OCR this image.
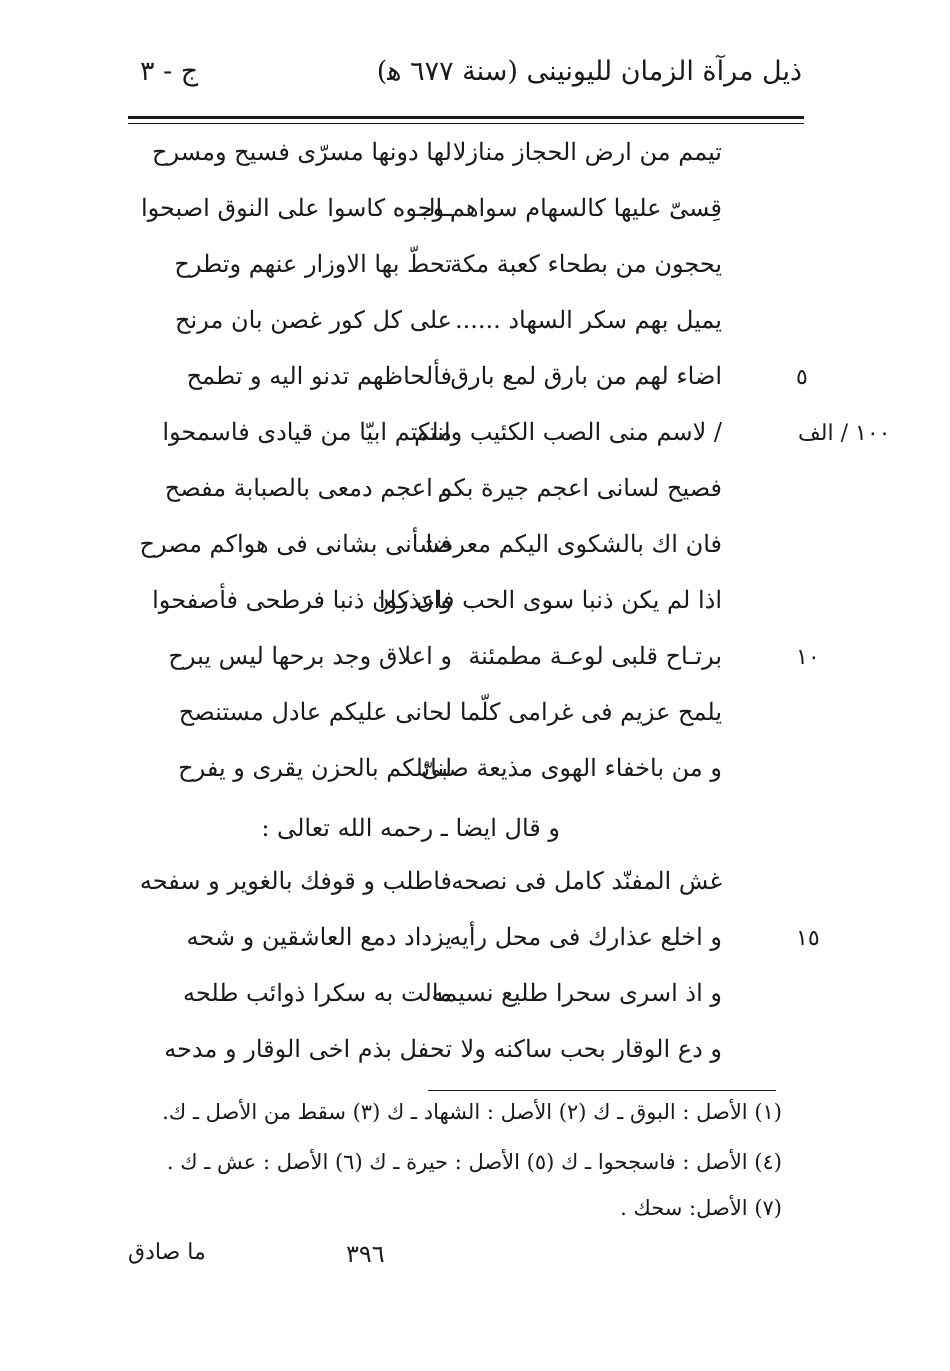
ذيل مرآة الزمان لليونينى (سنة ٦٧٧ ﻫ)
ج - ٣
تيمم من ارض الحجاز منازلا
لها دونها مسرّى فسيح ومسرح
قِسىّ عليها كالسهام سواهم الـ
ـوجوه كاسوا على النوق اصبحوا
يحجون من بطحاء كعبة مكة
تحطّ بها الاوزار عنهم وتطرح
يميل بهم سكر السهاد ......
على كل كور غصن بان مرنح
اضاء لهم من بارق لمع بارق
فألحاظهم تدنو اليه و تطمح
/ لاسم منى الصب الكئيب وانتم
ملكتم ابيّا من قيادى فاسمحوا
فصيح لسانى اعجم جيرة بكم
و اعجم دمعى بالصبابة مفصح
فان اك بالشكوى اليكم معرضا
فشأنى بشانى فى هواكم مصرح
اذا لم يكن ذنبا سوى الحب فاعذروا
وان كان ذنبا فرطحى فأصفحوا
برتـاح قلبى لوعـة مطمئنة
و اعلاق وجد برحها ليس يبرح
يلمح عزيم فى غرامى كلّما
لحانى عليكم عادل مستنصح
و من باخفاء الهوى مذيعة صبىّ
لنائلكم بالحزن يقرى و يفرح
و قال ايضا ـ رحمه الله تعالى :
غش المفنّد كامل فى نصحه
فاطلب و قوفك بالغوير و سفحه
و اخلع عذارك فى محل رأيه
يزداد دمع العاشقين و شحه
و اذ اسرى سحرا طليع نسيمه
مالت به سكرا ذوائب طلحه
و دع الوقار بحب ساكنه ولا
تحفل بذم اخى الوقار و مدحه
٥
١٠٠ / الف
١٠
١٥
(١) الأصل : البوق ـ ك (٢) الأصل : الشهاد ـ ك (٣) سقط من الأصل ـ ك.
(٤) الأصل : فاسجحوا ـ ك (٥) الأصل : حيرة ـ ك (٦) الأصل : عش ـ ك .
(٧) الأصل: سحك .
٣٩٦
ما صادق
